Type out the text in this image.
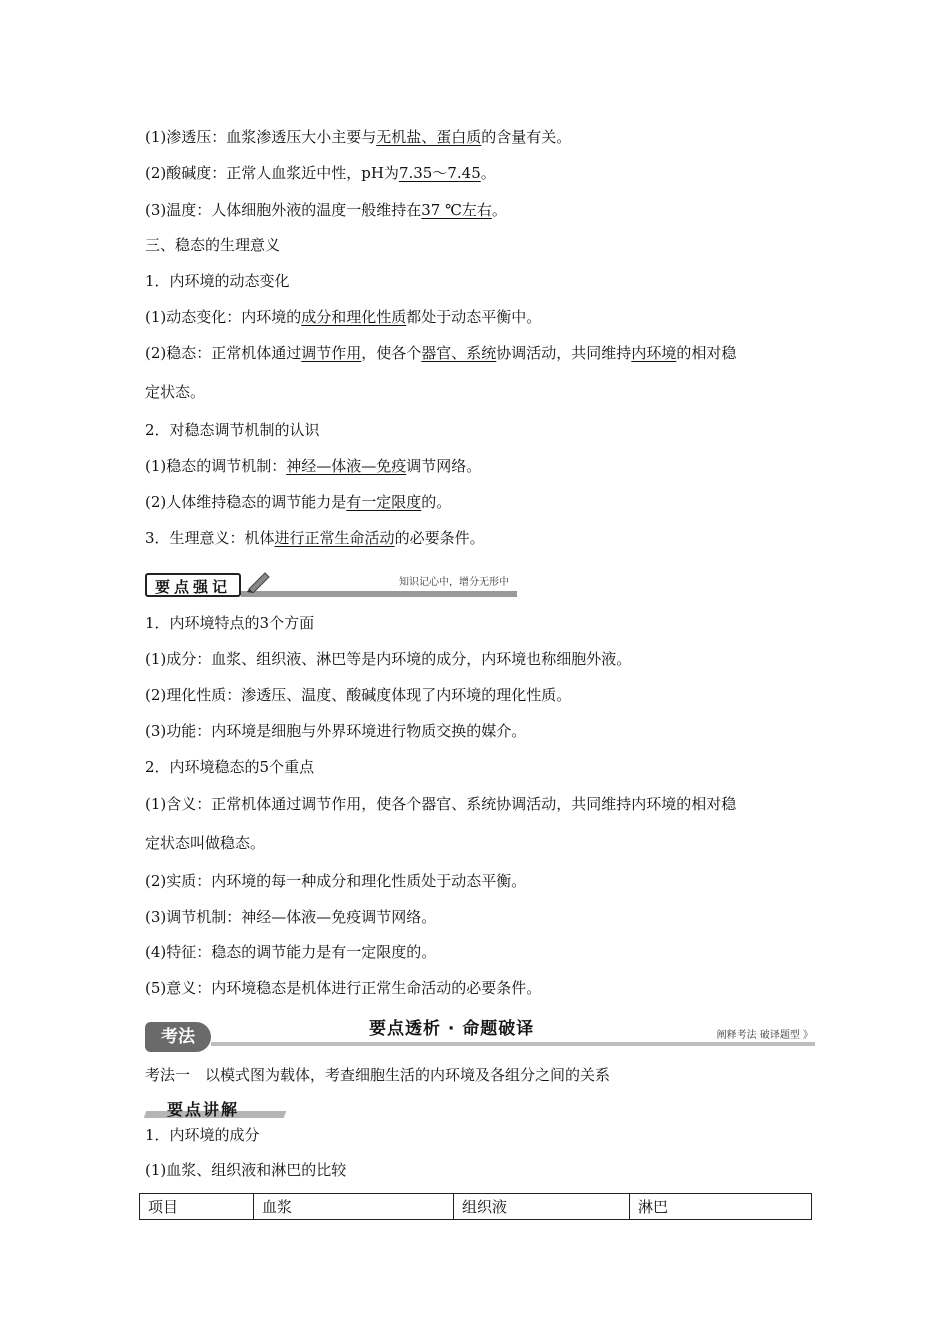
(1)渗透压：血浆渗透压大小主要与无机盐、蛋白质的含量有关。
(2)酸碱度：正常人血浆近中性，pH为7.35～7.45。
(3)温度：人体细胞外液的温度一般维持在37 ℃左右。
三、稳态的生理意义
1．内环境的动态变化
(1)动态变化：内环境的成分和理化性质都处于动态平衡中。
(2)稳态：正常机体通过调节作用，使各个器官、系统协调活动，共同维持内环境的相对稳
定状态。
2．对稳态调节机制的认识
(1)稳态的调节机制：神经—体液—免疫调节网络。
(2)人体维持稳态的调节能力是有一定限度的。
3．生理意义：机体进行正常生命活动的必要条件。
要点强记	知识记心中，增分无形中
1．内环境特点的3个方面
(1)成分：血浆、组织液、淋巴等是内环境的成分，内环境也称细胞外液。
(2)理化性质：渗透压、温度、酸碱度体现了内环境的理化性质。
(3)功能：内环境是细胞与外界环境进行物质交换的媒介。
2．内环境稳态的5个重点
(1)含义：正常机体通过调节作用，使各个器官、系统协调活动，共同维持内环境的相对稳
定状态叫做稳态。
(2)实质：内环境的每一种成分和理化性质处于动态平衡。
(3)调节机制：神经—体液—免疫调节网络。
(4)特征：稳态的调节能力是有一定限度的。
(5)意义：内环境稳态是机体进行正常生命活动的必要条件。
考法	要点透析 · 命题破译	阐释考法 破译题型 》
考法一　以模式图为载体，考查细胞生活的内环境及各组分之间的关系
要点讲解
1．内环境的成分
(1)血浆、组织液和淋巴的比较
项目	血浆	组织液	淋巴
